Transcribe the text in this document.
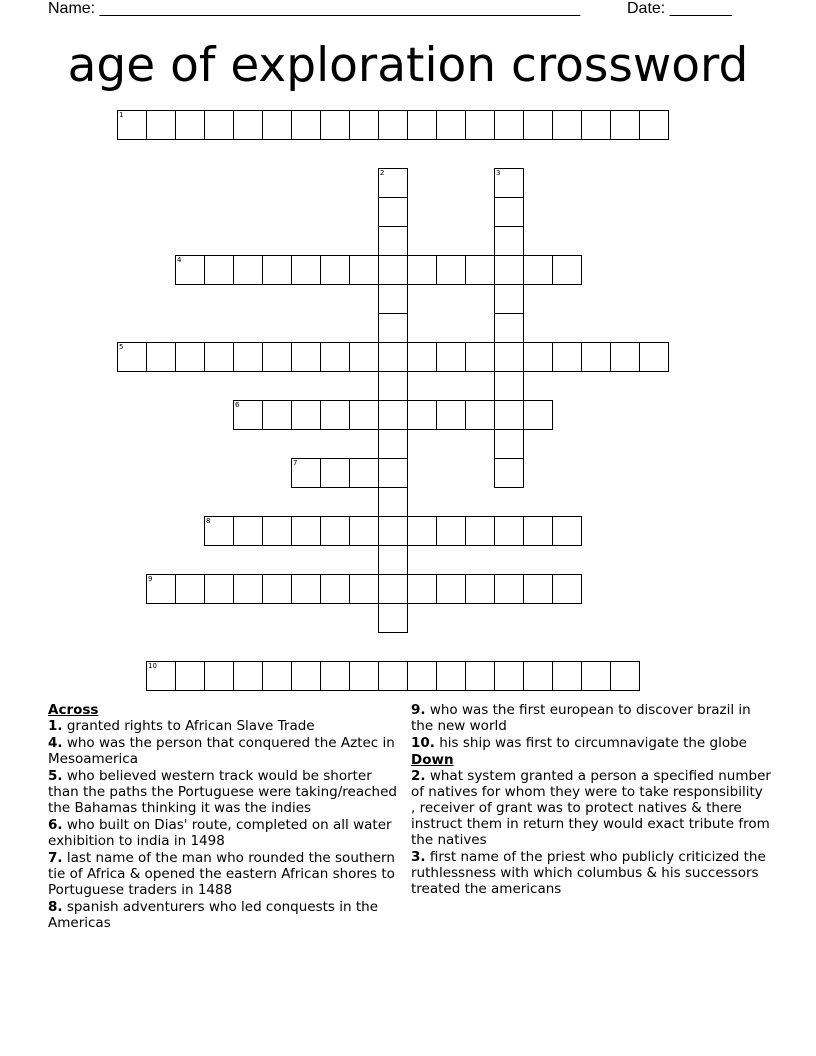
Name: ______________________________________________________	Date: _______
age of exploration crossword
1
4
5
6
7
8
9
10
2	3
Across
1. granted rights to African Slave Trade
4. who was the person that conquered the Aztec in Mesoamerica
5. who believed western track would be shorter than the paths the Portuguese were taking/reached the Bahamas thinking it was the indies
6. who built on Dias' route, completed on all water exhibition to india in 1498
7. last name of the man who rounded the southern tie of Africa & opened the eastern African shores to Portuguese traders in 1488
8. spanish adventurers who led conquests in the Americas
9. who was the first european to discover brazil in the new world
10. his ship was first to circumnavigate the globe
Down
2. what system granted a person a specified number of natives for whom they were to take responsibility , receiver of grant was to protect natives & there instruct them in return they would exact tribute from the natives
3. first name of the priest who publicly criticized the ruthlessness with which columbus & his successors treated the americans
